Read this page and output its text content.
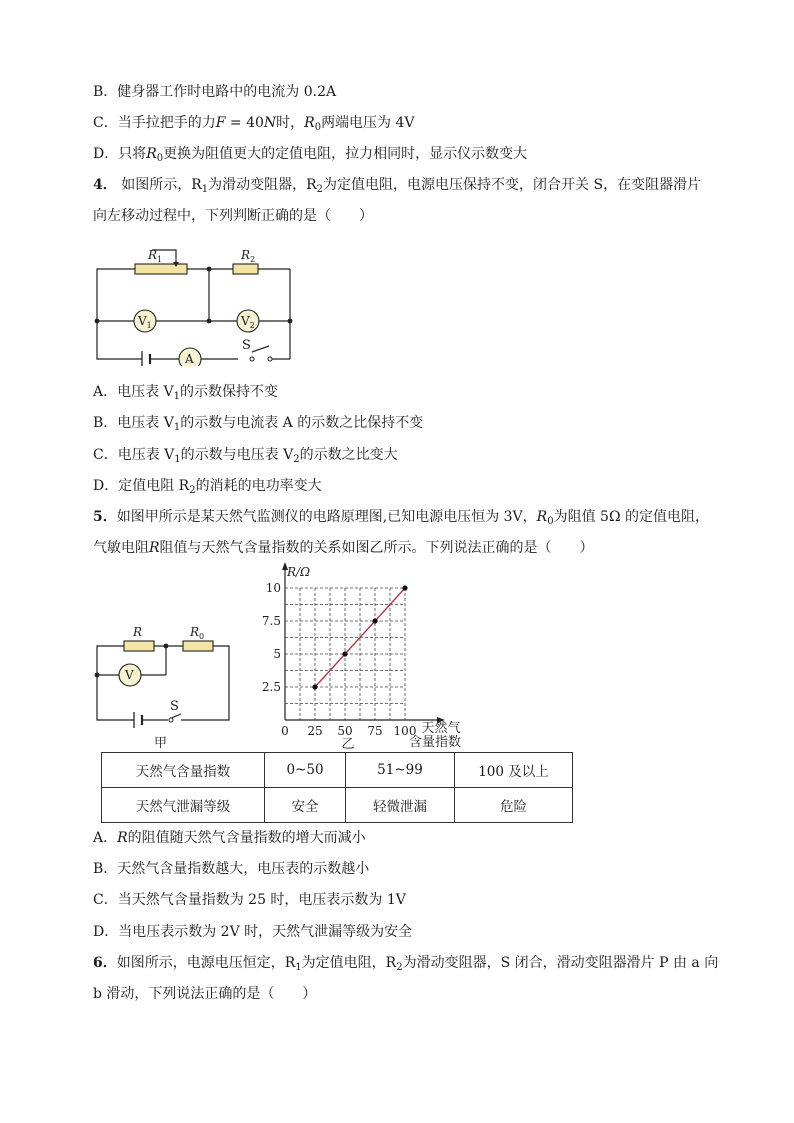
B．健身器工作时电路中的电流为 0.2A
C．当手拉把手的力F = 40N时，$R_0$两端电压为 4V
D．只将$R_0$更换为阻值更大的定值电阻，拉力相同时，显示仪示数变大
4． 如图所示，$R_1$为滑动变阻器，$R_2$为定值电阻，电源电压保持不变，闭合开关 S，在变阻器滑片
向左移动过程中，下列判断正确的是（　　）
$R_1$	$R_2$
$V_1$	$V_2$
A
S
A．电压表 $V_1$的示数保持不变
B．电压表 $V_1$的示数与电流表 A 的示数之比保持不变
C．电压表 $V_1$的示数与电压表 $V_2$的示数之比变大
D．定值电阻 $R_2$的消耗的电功率变大
5．如图甲所示是某天然气监测仪的电路原理图,已知电源电压恒为 3V，$R_0$为阻值 5Ω 的定值电阻，
气敏电阻R阻值与天然气含量指数的关系如图乙所示。下列说法正确的是（　　）
R	$R_0$
V
S
甲
0 25 50 75 100
2.5
5
7.5
10
R/Ω
天然气
含量指数
乙
天然气含量指数	0~50	51~99	100 及以上
天然气泄漏等级	安全	轻微泄漏	危险
A．R的阻值随天然气含量指数的增大而减小
B．天然气含量指数越大，电压表的示数越小
C．当天然气含量指数为 25 时，电压表示数为 1V
D．当电压表示数为 2V 时，天然气泄漏等级为安全
6．如图所示，电源电压恒定，$R_1$为定值电阻，$R_2$为滑动变阻器，S 闭合，滑动变阻器滑片 P 由 a 向
b 滑动，下列说法正确的是（　　）
